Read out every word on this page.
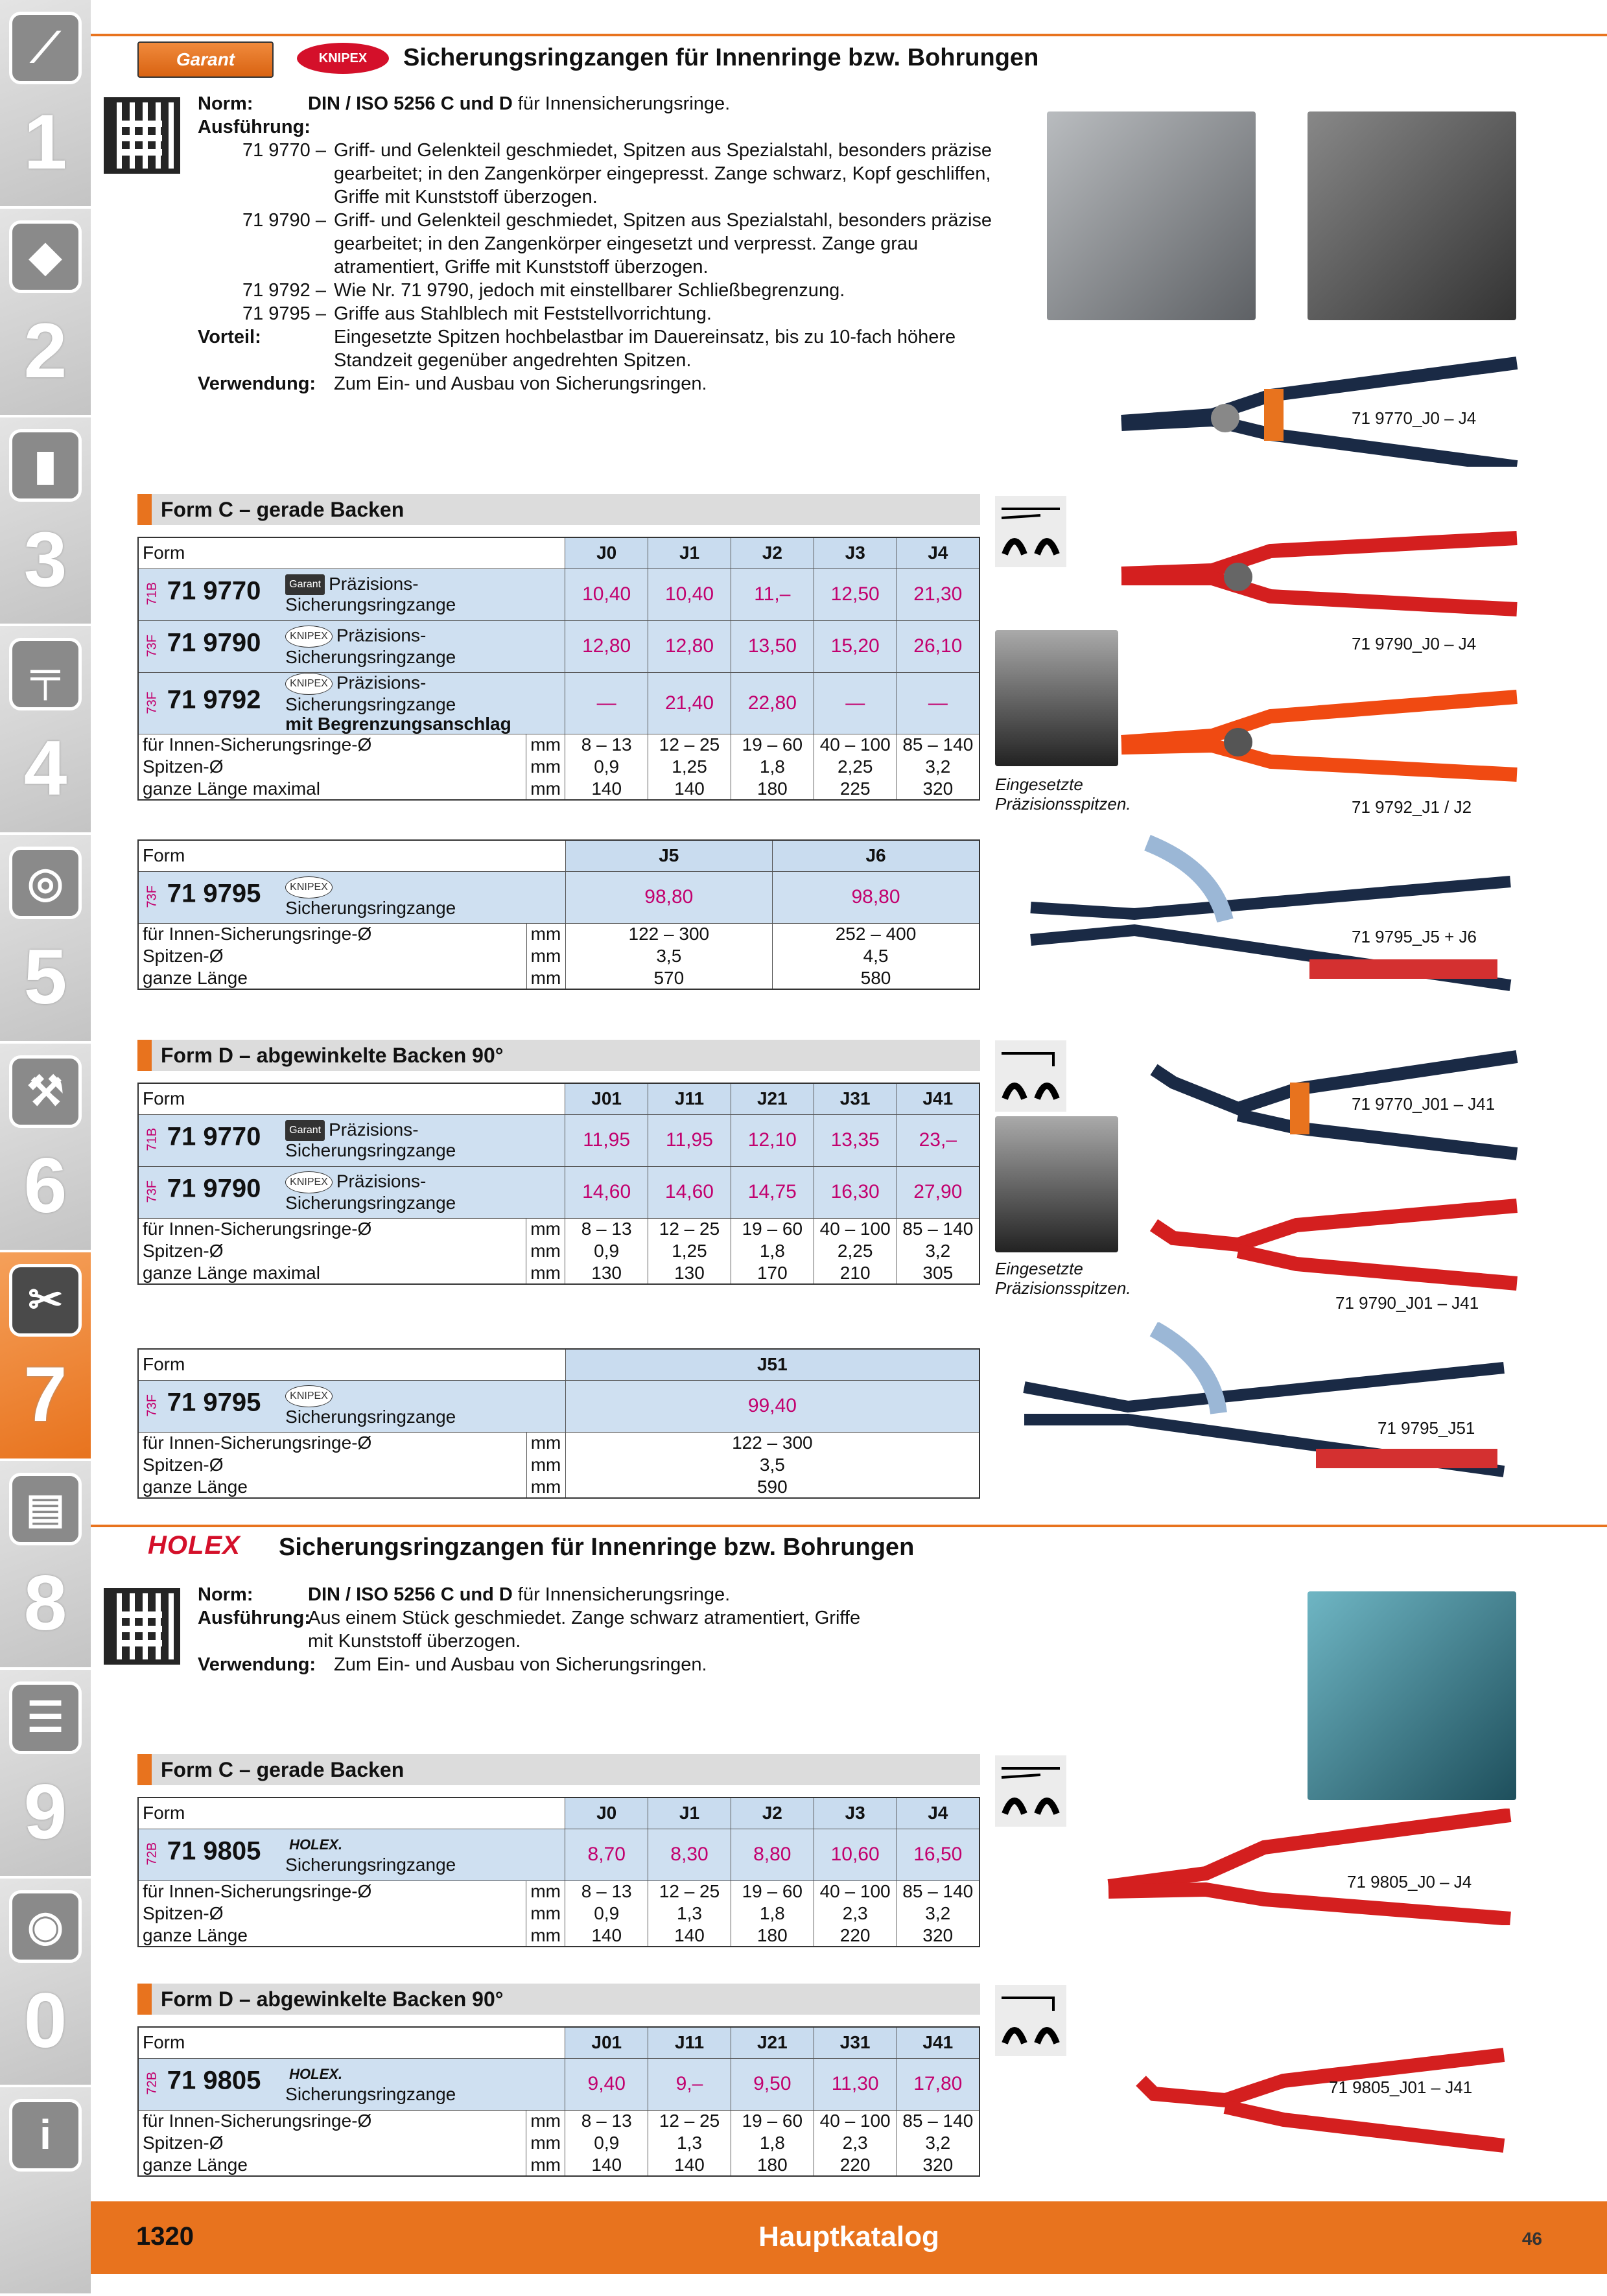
⟋
1
◆
2
▮
3
╤
4
◎
5
⚒
6
✂
7
▤
8
☰
9
◉
0
i
Garant	KNIPEX	Sicherungsringzangen für Innenringe bzw. Bohrungen
Norm:	DIN / ISO 5256 C und D für Innensicherungsringe.
Ausführung:
71 9770 – Griff- und Gelenkteil geschmiedet, Spitzen aus Spezialstahl, besonders präzise gearbeitet; in den Zangenkörper eingepresst. Zange schwarz, Kopf geschliffen, Griffe mit Kunststoff überzogen.
71 9790 – Griff- und Gelenkteil geschmiedet, Spitzen aus Spezialstahl, besonders präzise gearbeitet; in den Zangenkörper eingesetzt und verpresst. Zange grau atramentiert, Griffe mit Kunststoff überzogen.
71 9792 – Wie Nr. 71 9790, jedoch mit einstellbarer Schließbegrenzung.
71 9795 – Griffe aus Stahlblech mit Feststellvorrichtung.
Vorteil:	Eingesetzte Spitzen hochbelastbar im Dauereinsatz, bis zu 10-fach höhere Standzeit gegenüber angedrehten Spitzen.
Verwendung: Zum Ein- und Ausbau von Sicherungsringen.
Form C – gerade Backen
Form		J0	J1	J2	J3	J4
71B 71 9770 Garant Präzisions-
Sicherungsringzange		10,40	10,40	11,–	12,50	21,30
73F 71 9790 KNIPEX Präzisions-
Sicherungsringzange		12,80	12,80	13,50	15,20	26,10
73F 71 9792 KNIPEX Präzisions-
Sicherungsringzange
mit Begrenzungsanschlag		—	21,40	22,80	—	—
für Innen-Sicherungsringe-Ø	mm	8 – 13	12 – 25	19 – 60	40 – 100	85 – 140
Spitzen-Ø	mm	0,9	1,25	1,8	2,25	3,2
ganze Länge maximal	mm	140	140	180	225	320
Form		J5	J6
73F 71 9795 KNIPEX
Sicherungsringzange		98,80	98,80
für Innen-Sicherungsringe-Ø	mm	122 – 300	252 – 400
Spitzen-Ø	mm	3,5	4,5
ganze Länge	mm	570	580
Form D – abgewinkelte Backen 90°
Form		J01	J11	J21	J31	J41
71B 71 9770 Garant Präzisions-
Sicherungsringzange		11,95	11,95	12,10	13,35	23,–
73F 71 9790 KNIPEX Präzisions-
Sicherungsringzange		14,60	14,60	14,75	16,30	27,90
für Innen-Sicherungsringe-Ø	mm	8 – 13	12 – 25	19 – 60	40 – 100	85 – 140
Spitzen-Ø	mm	0,9	1,25	1,8	2,25	3,2
ganze Länge maximal	mm	130	130	170	210	305
Form		J51
73F 71 9795 KNIPEX
Sicherungsringzange		99,40
für Innen-Sicherungsringe-Ø	mm	122 – 300
Spitzen-Ø	mm	3,5
ganze Länge	mm	590
Eingesetzte
Präzisionsspitzen.
Eingesetzte
Präzisionsspitzen.
71 9770_J0 – J4
71 9790_J0 – J4
71 9792_J1 / J2
71 9795_J5 + J6
71 9770_J01 – J41
71 9790_J01 – J41
71 9795_J51
71 9805_J0 – J4
71 9805_J01 – J41
HOLEX Sicherungsringzangen für Innenringe bzw. Bohrungen
Norm:	DIN / ISO 5256 C und D für Innensicherungsringe.
Ausführung:
Aus einem Stück geschmiedet. Zange schwarz atramentiert, Griffe mit Kunststoff überzogen.
Verwendung: Zum Ein- und Ausbau von Sicherungsringen.
Form C – gerade Backen
Form		J0	J1	J2	J3	J4
72B 71 9805 HOLEX.
Sicherungsringzange		8,70	8,30	8,80	10,60	16,50
für Innen-Sicherungsringe-Ø	mm	8 – 13	12 – 25	19 – 60	40 – 100	85 – 140
Spitzen-Ø	mm	0,9	1,3	1,8	2,3	3,2
ganze Länge	mm	140	140	180	220	320
Form D – abgewinkelte Backen 90°
Form		J01	J11	J21	J31	J41
72B 71 9805 HOLEX.
Sicherungsringzange		9,40	9,–	9,50	11,30	17,80
für Innen-Sicherungsringe-Ø	mm	8 – 13	12 – 25	19 – 60	40 – 100	85 – 140
Spitzen-Ø	mm	0,9	1,3	1,8	2,3	3,2
ganze Länge	mm	140	140	180	220	320
1320	Hauptkatalog	46
